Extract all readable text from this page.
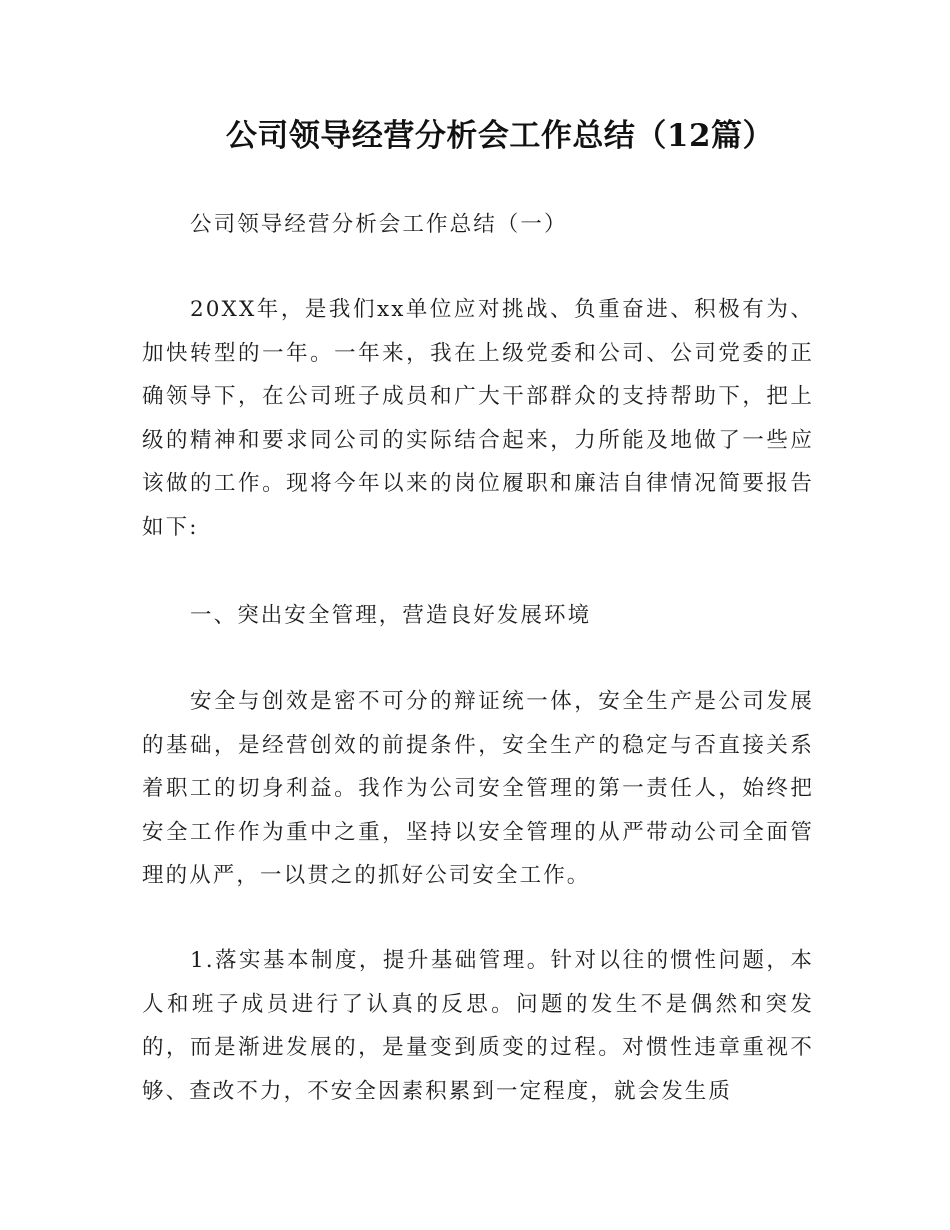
公司领导经营分析会工作总结（12篇）

公司领导经营分析会工作总结（一）

20XX年，是我们xx单位应对挑战、负重奋进、积极有为、加快转型的一年。一年来，我在上级党委和公司、公司党委的正确领导下，在公司班子成员和广大干部群众的支持帮助下，把上级的精神和要求同公司的实际结合起来，力所能及地做了一些应该做的工作。现将今年以来的岗位履职和廉洁自律情况简要报告如下:

一、突出安全管理，营造良好发展环境

安全与创效是密不可分的辩证统一体，安全生产是公司发展的基础，是经营创效的前提条件，安全生产的稳定与否直接关系着职工的切身利益。我作为公司安全管理的第一责任人，始终把安全工作作为重中之重，坚持以安全管理的从严带动公司全面管理的从严，一以贯之的抓好公司安全工作。

1.落实基本制度，提升基础管理。针对以往的惯性问题，本人和班子成员进行了认真的反思。问题的发生不是偶然和突发的，而是渐进发展的，是量变到质变的过程。对惯性违章重视不够、查改不力，不安全因素积累到一定程度，就会发生质
